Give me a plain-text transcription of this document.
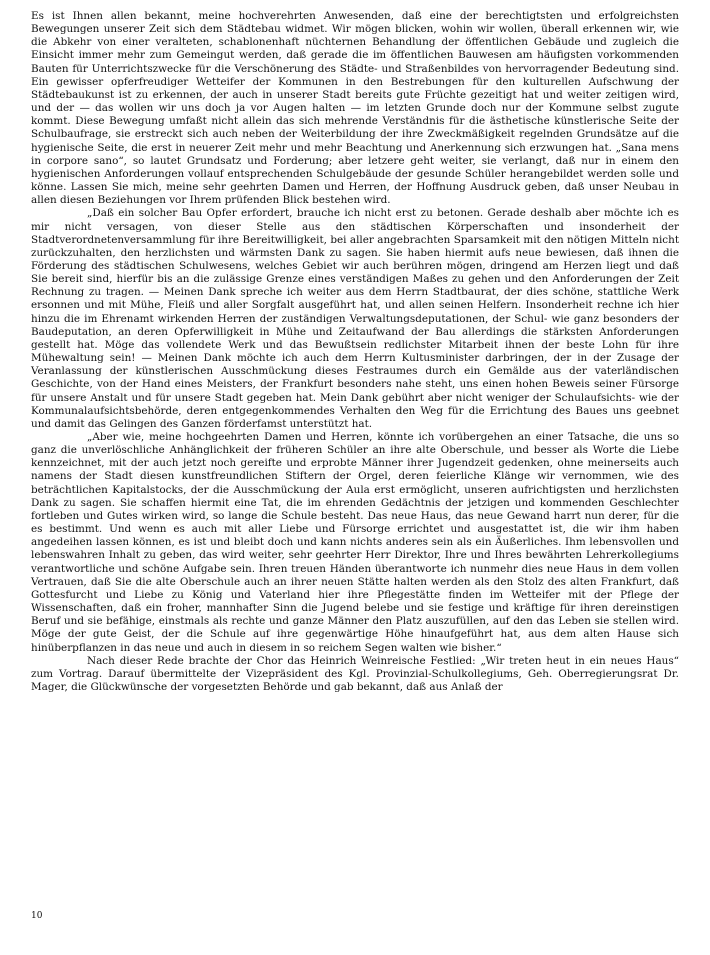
Es ist Ihnen allen bekannt, meine hochverehrten Anwesenden, daß eine der berechtigtsten und erfolgreichsten Bewegungen unserer Zeit sich dem Städtebau widmet. Wir mögen blicken, wohin wir wollen, überall erkennen wir, wie die Abkehr von einer veralteten, schablonenhaft nüchternen Behandlung der öffentlichen Gebäude und zugleich die Einsicht immer mehr zum Gemeingut werden, daß gerade die im öffentlichen Bauwesen am häufigsten vorkommenden Bauten für Unterrichtszwecke für die Verschönerung des Städte- und Straßenbildes von hervorragender Bedeutung sind. Ein gewisser opferfreudiger Wetteifer der Kommunen in den Bestrebungen für den kulturellen Aufschwung der Städtebaukunst ist zu erkennen, der auch in unserer Stadt bereits gute Früchte gezeitigt hat und weiter zeitigen wird, und der — das wollen wir uns doch ja vor Augen halten — im letzten Grunde doch nur der Kommune selbst zugute kommt. Diese Bewegung umfaßt nicht allein das sich mehrende Verständnis für die ästhetische künstlerische Seite der Schulbaufrage, sie erstreckt sich auch neben der Weiterbildung der ihre Zweckmäßigkeit regelnden Grundsätze auf die hygienische Seite, die erst in neuerer Zeit mehr und mehr Beachtung und Anerkennung sich erzwungen hat. „Sana mens in corpore sano“, so lautet Grundsatz und Forderung; aber letzere geht weiter, sie verlangt, daß nur in einem den hygienischen Anforderungen vollauf entsprechenden Schulgebäude der gesunde Schüler herangebildet werden solle und könne. Lassen Sie mich, meine sehr geehrten Damen und Herren, der Hoffnung Ausdruck geben, daß unser Neubau in allen diesen Beziehungen vor Ihrem prüfenden Blick bestehen wird.

„Daß ein solcher Bau Opfer erfordert, brauche ich nicht erst zu betonen. Gerade deshalb aber möchte ich es mir nicht versagen, von dieser Stelle aus den städtischen Körperschaften und insonderheit der Stadtverordnetenversammlung für ihre Bereitwilligkeit, bei aller angebrachten Sparsamkeit mit den nötigen Mitteln nicht zurückzuhalten, den herzlichsten und wärmsten Dank zu sagen. Sie haben hiermit aufs neue bewiesen, daß ihnen die Förderung des städtischen Schulwesens, welches Gebiet wir auch berühren mögen, dringend am Herzen liegt und daß Sie bereit sind, hierfür bis an die zulässige Grenze eines verständigen Maßes zu gehen und den Anforderungen der Zeit Rechnung zu tragen. — Meinen Dank spreche ich weiter aus dem Herrn Stadtbaurat, der dies schöne, stattliche Werk ersonnen und mit Mühe, Fleiß und aller Sorgfalt ausgeführt hat, und allen seinen Helfern. Insonderheit rechne ich hier hinzu die im Ehrenamt wirkenden Herren der zuständigen Verwaltungsdeputationen, der Schul- wie ganz besonders der Baudeputation, an deren Opferwilligkeit in Mühe und Zeitaufwand der Bau allerdings die stärksten Anforderungen gestellt hat. Möge das vollendete Werk und das Bewußtsein redlichster Mitarbeit ihnen der beste Lohn für ihre Mühewaltung sein! — Meinen Dank möchte ich auch dem Herrn Kultusminister darbringen, der in der Zusage der Veranlassung der künstlerischen Ausschmückung dieses Festraumes durch ein Gemälde aus der vaterländischen Geschichte, von der Hand eines Meisters, der Frankfurt besonders nahe steht, uns einen hohen Beweis seiner Fürsorge für unsere Anstalt und für unsere Stadt gegeben hat. Mein Dank gebührt aber nicht weniger der Schulaufsichts- wie der Kommunalaufsichtsbehörde, deren entgegenkommendes Verhalten den Weg für die Errichtung des Baues uns geebnet und damit das Gelingen des Ganzen förderfamst unterstützt hat.

„Aber wie, meine hochgeehrten Damen und Herren, könnte ich vorübergehen an einer Tatsache, die uns so ganz die unverlöschliche Anhänglichkeit der früheren Schüler an ihre alte Oberschule, und besser als Worte die Liebe kennzeichnet, mit der auch jetzt noch gereifte und erprobte Männer ihrer Jugendzeit gedenken, ohne meinerseits auch namens der Stadt diesen kunstfreundlichen Stiftern der Orgel, deren feierliche Klänge wir vernommen, wie des beträchtlichen Kapitalstocks, der die Ausschmückung der Aula erst ermöglicht, unseren aufrichtigsten und herzlichsten Dank zu sagen. Sie schaffen hiermit eine Tat, die im ehrenden Gedächtnis der jetzigen und kommenden Geschlechter fortleben und Gutes wirken wird, so lange die Schule besteht. Das neue Haus, das neue Gewand harrt nun derer, für die es bestimmt. Und wenn es auch mit aller Liebe und Fürsorge errichtet und ausgestattet ist, die wir ihm haben angedeihen lassen können, es ist und bleibt doch und kann nichts anderes sein als ein Äußerliches. Ihm lebensvollen und lebenswahren Inhalt zu geben, das wird weiter, sehr geehrter Herr Direktor, Ihre und Ihres bewährten Lehrerkollegiums verantwortliche und schöne Aufgabe sein. Ihren treuen Händen überantworte ich nunmehr dies neue Haus in dem vollen Vertrauen, daß Sie die alte Oberschule auch an ihrer neuen Stätte halten werden als den Stolz des alten Frankfurt, daß Gottesfurcht und Liebe zu König und Vaterland hier ihre Pflegestätte finden im Wetteifer mit der Pflege der Wissenschaften, daß ein froher, mannhafter Sinn die Jugend belebe und sie festige und kräftige für ihren dereinstigen Beruf und sie befähige, einstmals als rechte und ganze Männer den Platz auszufüllen, auf den das Leben sie stellen wird. Möge der gute Geist, der die Schule auf ihre gegenwärtige Höhe hinaufgeführt hat, aus dem alten Hause sich hinüberpflanzen in das neue und auch in diesem in so reichem Segen walten wie bisher.“

Nach dieser Rede brachte der Chor das Heinrich Weinreische Festlied: „Wir treten heut in ein neues Haus“ zum Vortrag. Darauf übermittelte der Vizepräsident des Kgl. Provinzial-Schulkollegiums, Geh. Oberregierungsrat Dr. Mager, die Glückwünsche der vorgesetzten Behörde und gab bekannt, daß aus Anlaß der

10
